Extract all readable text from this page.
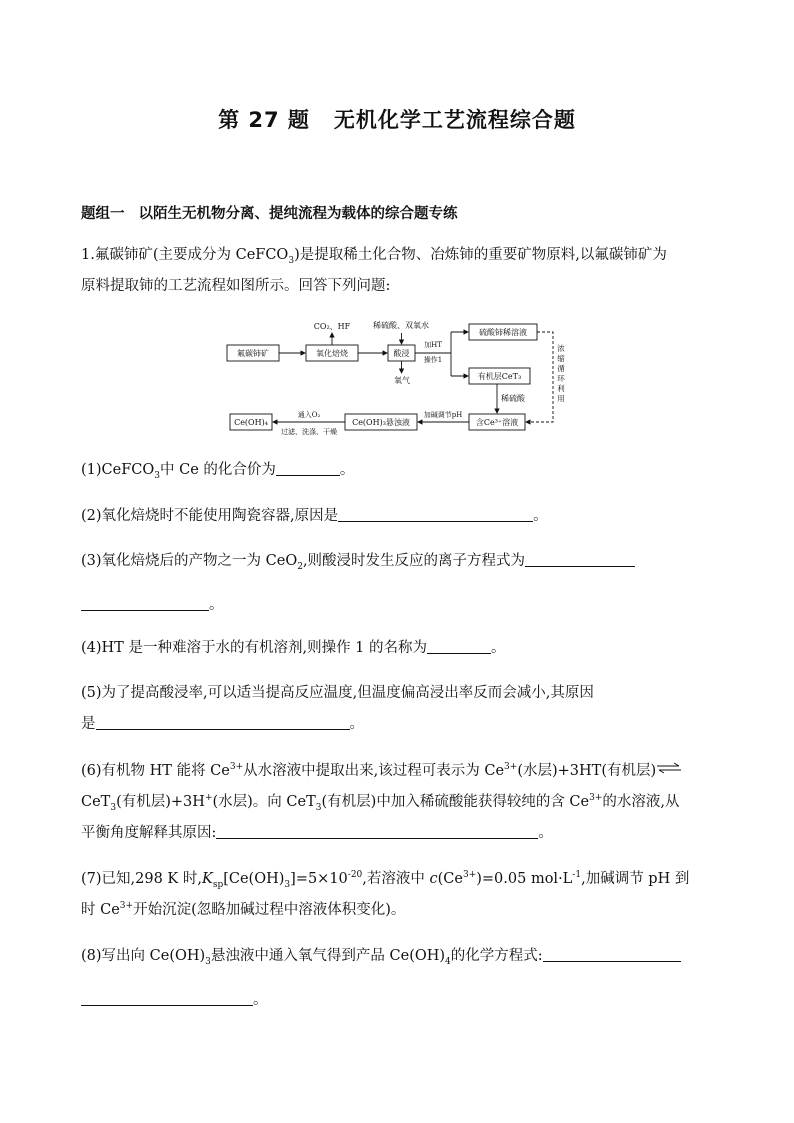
第 27 题 无机化学工艺流程综合题
题组一 以陌生无机物分离、提纯流程为载体的综合题专练
1.氟碳铈矿(主要成分为 CeFCO$_3$)是提取稀土化合物、冶炼铈的重要矿物原料,以氟碳铈矿为
原料提取铈的工艺流程如图所示。回答下列问题:
氟碳铈矿	氧化焙烧	酸浸
硫酸铈稀溶液
有机层CeT₃
含Ce³⁺溶液
Ce(OH)₃悬浊液
Ce(OH)₄
CO₂、HF	稀硫酸、双氧水
氧气
加HT
操作1
稀硫酸
浓缩循环利用
加碱调节pH
通入O₂
过滤、洗涤、干燥
(1)CeFCO$_3$中 Ce 的化合价为	。
(2)氧化焙烧时不能使用陶瓷容器,原因是	。
(3)氧化焙烧后的产物之一为 CeO$_2$,则酸浸时发生反应的离子方程式为
。
(4)HT 是一种难溶于水的有机溶剂,则操作 1 的名称为	。
(5)为了提高酸浸率,可以适当提高反应温度,但温度偏高浸出率反而会减小,其原因
是	。
(6)有机物 HT 能将 $Ce^{3+}$从水溶液中提取出来,该过程可表示为 $Ce^{3+}$(水层)+3HT(有机层)⇌
CeT$_3$(有机层)+3H+(水层)。向 CeT$_3$(有机层)中加入稀硫酸能获得较纯的含 $Ce^{3+}$的水溶液,从
平衡角度解释其原因:	。
(7)已知,298 K 时$,K_{sp}[Ce(OH)_3]=5\times 10^{-20}$,若溶液中 $c(Ce^{3+})=0.05$ $mol\cdot L^{-1}$,加碱调节 pH 到
时 $Ce^{3+}$开始沉淀(忽略加碱过程中溶液体积变化)。
(8)写出向 $Ce(OH)_3$悬浊液中通入氧气得到产品 $Ce(OH)_4$的化学方程式:
。
